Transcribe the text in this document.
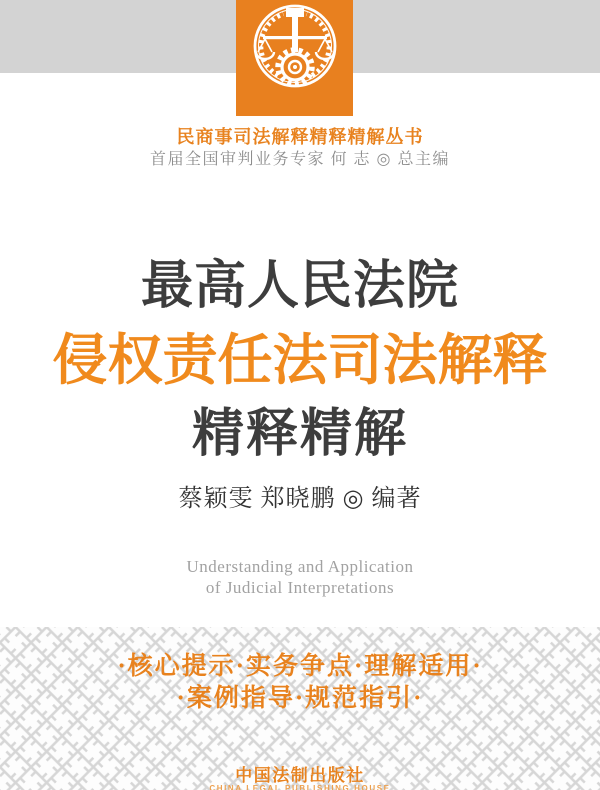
民商事司法解释精释精解丛书
首届全国审判业务专家 何 志 ◎ 总主编
最高人民法院
侵权责任法司法解释
精释精解
蔡颖雯 郑晓鹏 ◎ 编著
Understanding and Application
of Judicial Interpretations
·核心提示·实务争点·理解适用·
·案例指导·规范指引·
中国法制出版社
CHINA LEGAL PUBLISHING HOUSE
